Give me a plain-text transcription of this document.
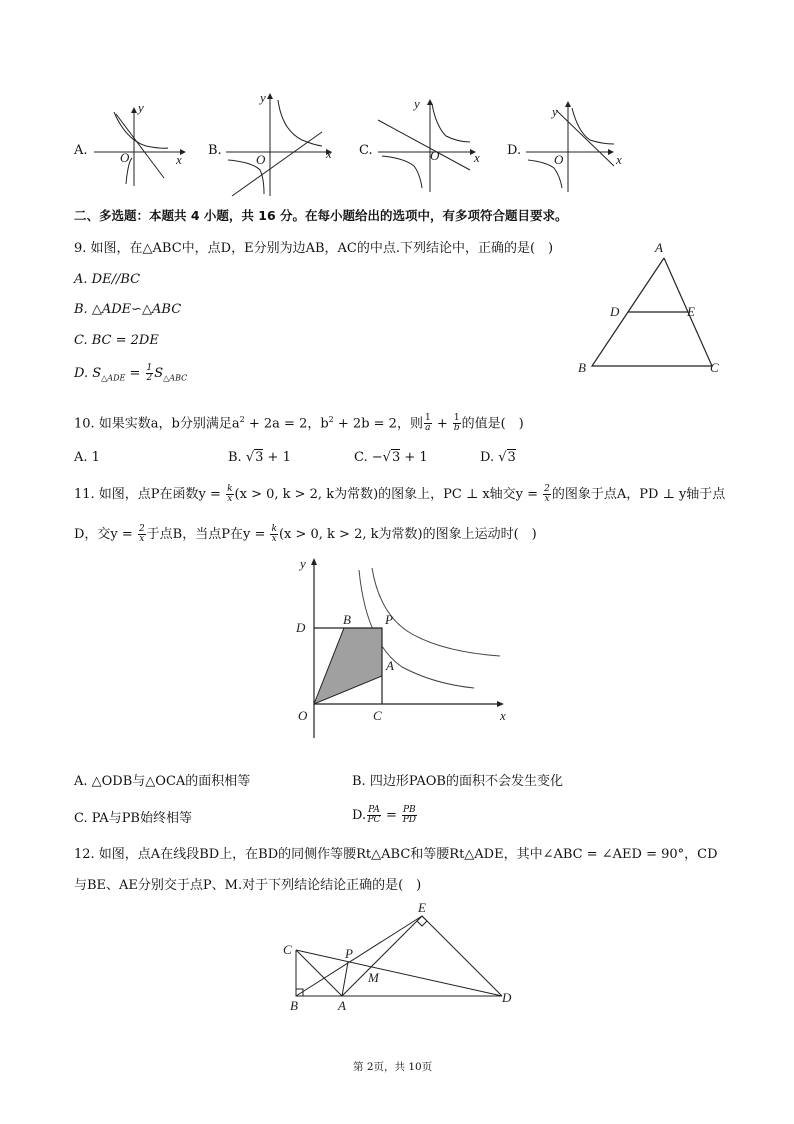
A.
y
x
O	B.
y
x
O
C.
y
x
O	D.
y
x
O
二、多选题：本题共 4 小题，共 16 分。在每小题给出的选项中，有多项符合题目要求。
9. 如图，在△ABC中，点D，E分别为边AB，AC的中点.下列结论中，正确的是(　)
A. DE//BC
B. △ADE∽△ABC
C. BC = 2DE
D. $S_{\triangle ADE} = \frac{1}{2} S_{\triangle ABC}$
A
D	E
B	C
10. 如果实数a，b分别满足$a^2 + 2a = 2$，$b^2 + 2b = 2$，则 $\frac{1}{a} + \frac{1}{b}$ 的值是(　)
A. 1	B. √3 + 1	C. −√3 + 1	D. √3
11. 如图，点P在函数$y = \frac{k}{x} (x > 0$, k > 2, k为常数)的图象上，PC ⊥ x轴交$y = \frac{2}{x}$ 的图象于点A，PD ⊥ y轴于点
D，交$y = \frac{2}{x}$ 于点B，当点P在$y = \frac{k}{x} (x > 0$, k > 2, k为常数)的图象上运动时(　)
y
x
O
D
B	P
A
C
A. △ODB与△OCA的面积相等	B. 四边形PAOB的面积不会发生变化
C. PA与PB始终相等	D. $\frac{PA}{PC} = \frac{PB}{PD}$
12. 如图，点A在线段BD上，在BD的同侧作等腰Rt△ABC和等腰Rt△ADE，其中∠ABC = ∠AED = 90°，CD
与BE、AE分别交于点P、M.对于下列结论结论正确的是(　)
E
C	P
M
B	A
D
第 2页，共 10页
